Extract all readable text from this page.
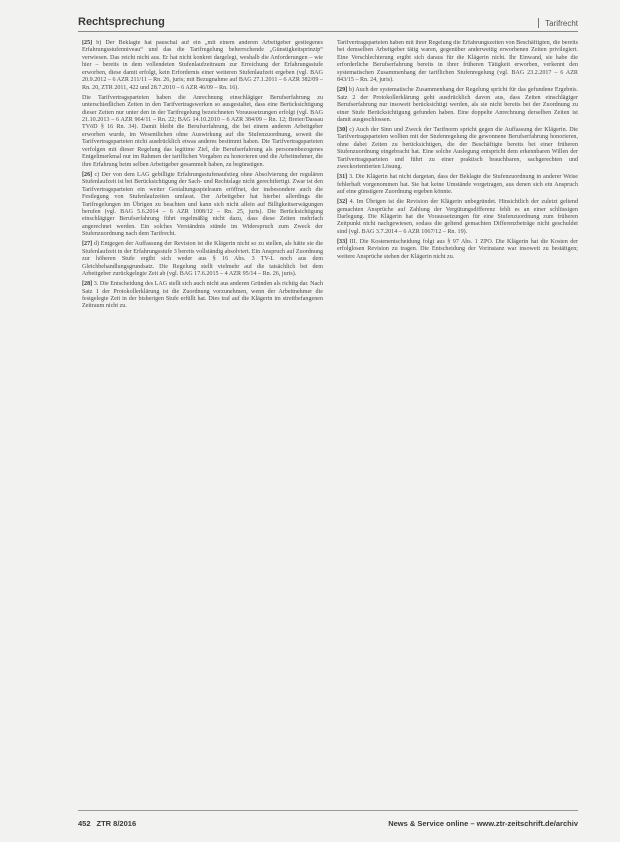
Rechtsprechung	Tarifrecht

[25] b) Der Beklagte hat pauschal auf ein „mit einem anderen Arbeitgeber gestiegenes Erfahrungsstufenniveau“ und das die Tarifregelung beherrschende „Günstigkeitsprinzip“ verwiesen. Das reicht nicht aus. Er hat nicht konkret dargelegt, weshalb die Anforderungen – wie hier – bereits in dem vollendeten Stufenlaufzeitraum zur Erreichung der Erfahrungsstufe erworben, diese damit erfolgt, kein Erfordernis einer weiteren Stufenlaufzeit ergeben (vgl. BAG 20.9.2012 – 6 AZR 211/11 – Rn. 26, juris; mit Bezugnahme auf BAG 27.1.2011 – 6 AZR 382/09 – Rn. 20, ZTR 2011, 422 und 28.7.2010 – 6 AZR 46/09 – Rn. 16).

Die Tarifvertragsparteien haben die Anrechnung einschlägiger Berufserfahrung zu unterschiedlichen Zeiten in den Tarifvertragswerken so ausgestaltet, dass eine Berücksichtigung dieser Zeiten nur unter den in der Tarifregelung bezeichneten Voraussetzungen erfolgt (vgl. BAG 21.10.2013 – 6 AZR 964/11 – Rn. 22; BAG 14.10.2010 – 6 AZR 384/09 – Rn. 12; Breier/Dassau TVöD § 16 Rn. 34). Damit bleibt die Berufserfahrung, die bei einem anderen Arbeitgeber erworben wurde, im Wesentlichen ohne Auswirkung auf die Stufenzuordnung, soweit die Tarifvertragsparteien nicht ausdrücklich etwas anderes bestimmt haben. Die Tarifvertragsparteien verfolgen mit dieser Regelung das legitime Ziel, die Berufserfahrung als personenbezogenes Entgeltmerkmal nur im Rahmen der tariflichen Vorgaben zu honorieren und die Arbeitnehmer, die ihre Erfahrung beim selben Arbeitgeber gesammelt haben, zu begünstigen.

[26] c) Der von dem LAG gebilligte Erfahrungsstufenaufstieg ohne Absolvierung der regulären Stufenlaufzeit ist bei Berücksichtigung der Sach- und Rechtslage nicht gerechtfertigt. Zwar ist den Tarifvertragsparteien ein weiter Gestaltungsspielraum eröffnet, der insbesondere auch die Festlegung von Stufenlaufzeiten umfasst. Der Arbeitgeber hat hierbei allerdings die Tarifregelungen im Übrigen zu beachten und kann sich nicht allein auf Billigkeitserwägungen berufen (vgl. BAG 5.6.2014 – 6 AZR 1008/12 – Rn. 25, juris). Die Berücksichtigung einschlägiger Berufserfahrung führt regelmäßig nicht dazu, dass diese Zeiten mehrfach angerechnet werden. Ein solches Verständnis stünde im Widerspruch zum Zweck der Stufenzuordnung nach dem Tarifrecht.

[27] d) Entgegen der Auffassung der Revision ist die Klägerin nicht so zu stellen, als hätte sie die Stufenlaufzeit in der Erfahrungsstufe 3 bereits vollständig absolviert. Ein Anspruch auf Zuordnung zur höheren Stufe ergibt sich weder aus § 16 Abs. 3 TV-L noch aus dem Gleichbehandlungsgrundsatz. Die Regelung stellt vielmehr auf die tatsächlich bei dem Arbeitgeber zurückgelegte Zeit ab (vgl. BAG 17.6.2015 – 4 AZR 95/14 – Rn. 26, juris).

[28] 3. Die Entscheidung des LAG stellt sich auch nicht aus anderen Gründen als richtig dar. Nach Satz 1 der Protokollerklärung ist die Zuordnung vorzunehmen, wenn der Arbeitnehmer die festgelegte Zeit in der bisherigen Stufe erfüllt hat. Dies traf auf die Klägerin im streitbefangenen Zeitraum nicht zu.

Tarifvertragsparteien haben mit ihrer Regelung die Erfahrungszeiten von Beschäftigten, die bereits bei demselben Arbeitgeber tätig waren, gegenüber anderweitig erworbenen Zeiten privilegiert. Eine Verschlechterung ergibt sich daraus für die Klägerin nicht. Ihr Einwand, sie habe die erforderliche Berufserfahrung bereits in ihrer früheren Tätigkeit erworben, verkennt den systematischen Zusammenhang der tariflichen Stufenregelung (vgl. BAG 23.2.2017 – 6 AZR 843/15 – Rn. 24, juris).

[29] b) Auch der systematische Zusammenhang der Regelung spricht für das gefundene Ergebnis. Satz 2 der Protokollerklärung geht ausdrücklich davon aus, dass Zeiten einschlägiger Berufserfahrung nur insoweit berücksichtigt werden, als sie nicht bereits bei der Zuordnung zu einer Stufe Berücksichtigung gefunden haben. Eine doppelte Anrechnung derselben Zeiten ist damit ausgeschlossen.

[30] c) Auch der Sinn und Zweck der Tarifnorm spricht gegen die Auffassung der Klägerin. Die Tarifvertragsparteien wollten mit der Stufenregelung die gewonnene Berufserfahrung honorieren, ohne dabei Zeiten zu berücksichtigen, die der Beschäftigte bereits bei einer früheren Stufenzuordnung eingebracht hat. Eine solche Auslegung entspricht dem erkennbaren Willen der Tarifvertragsparteien und führt zu einer praktisch brauchbaren, sachgerechten und zweckorientierten Lösung.

[31] 3. Die Klägerin hat nicht dargetan, dass der Beklagte die Stufenzuordnung in anderer Weise fehlerhaft vorgenommen hat. Sie hat keine Umstände vorgetragen, aus denen sich ein Anspruch auf eine günstigere Zuordnung ergeben könnte.

[32] 4. Im Übrigen ist die Revision der Klägerin unbegründet. Hinsichtlich der zuletzt geltend gemachten Ansprüche auf Zahlung der Vergütungsdifferenz fehlt es an einer schlüssigen Darlegung. Die Klägerin hat die Voraussetzungen für eine Stufenzuordnung zum früheren Zeitpunkt nicht nachgewiesen, sodass die geltend gemachten Differenzbeträge nicht geschuldet sind (vgl. BAG 3.7.2014 – 6 AZR 1067/12 – Rn. 19).

[33] III. Die Kostenentscheidung folgt aus § 97 Abs. 1 ZPO. Die Klägerin hat die Kosten der erfolglosen Revision zu tragen. Die Entscheidung der Vorinstanz war insoweit zu bestätigen; weitere Ansprüche stehen der Klägerin nicht zu.

452 ZTR 8/2016	News & Service online – www.ztr-zeitschrift.de/archiv
